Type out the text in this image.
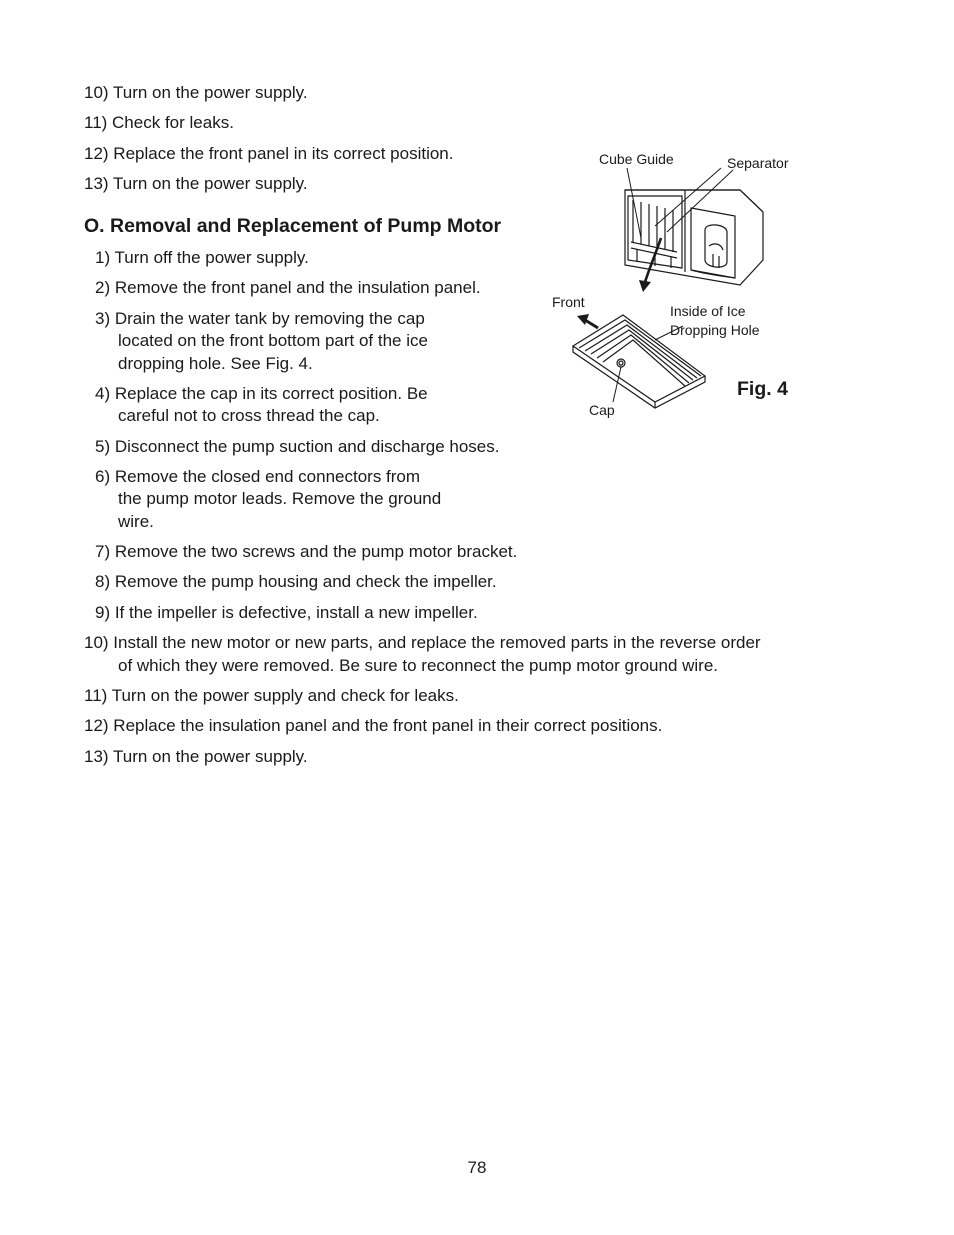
10) Turn on the power supply.
11) Check for leaks.
12) Replace the front panel in its correct position.
13) Turn on the power supply.
O. Removal and Replacement of Pump Motor
1) Turn off the power supply.
2) Remove the front panel and the insulation panel.
3) Drain the water tank by removing the cap
located on the front bottom part of the ice
dropping hole. See Fig. 4.
4) Replace the cap in its correct position. Be
careful not to cross thread the cap.
5) Disconnect the pump suction and discharge hoses.
6) Remove the closed end connectors from
the pump motor leads. Remove the ground
wire.
7) Remove the two screws and the pump motor bracket.
8) Remove the pump housing and check the impeller.
9) If the impeller is defective, install a new impeller.
10) Install the new motor or new parts, and replace the removed parts in the reverse order
of which they were removed. Be sure to reconnect the pump motor ground wire.
11) Turn on the power supply and check for leaks.
12) Replace the insulation panel and the front panel in their correct positions.
13) Turn on the power supply.
Cube Guide	Separator
Front
Inside of Ice
Dropping Hole
Cap
Fig. 4
78
